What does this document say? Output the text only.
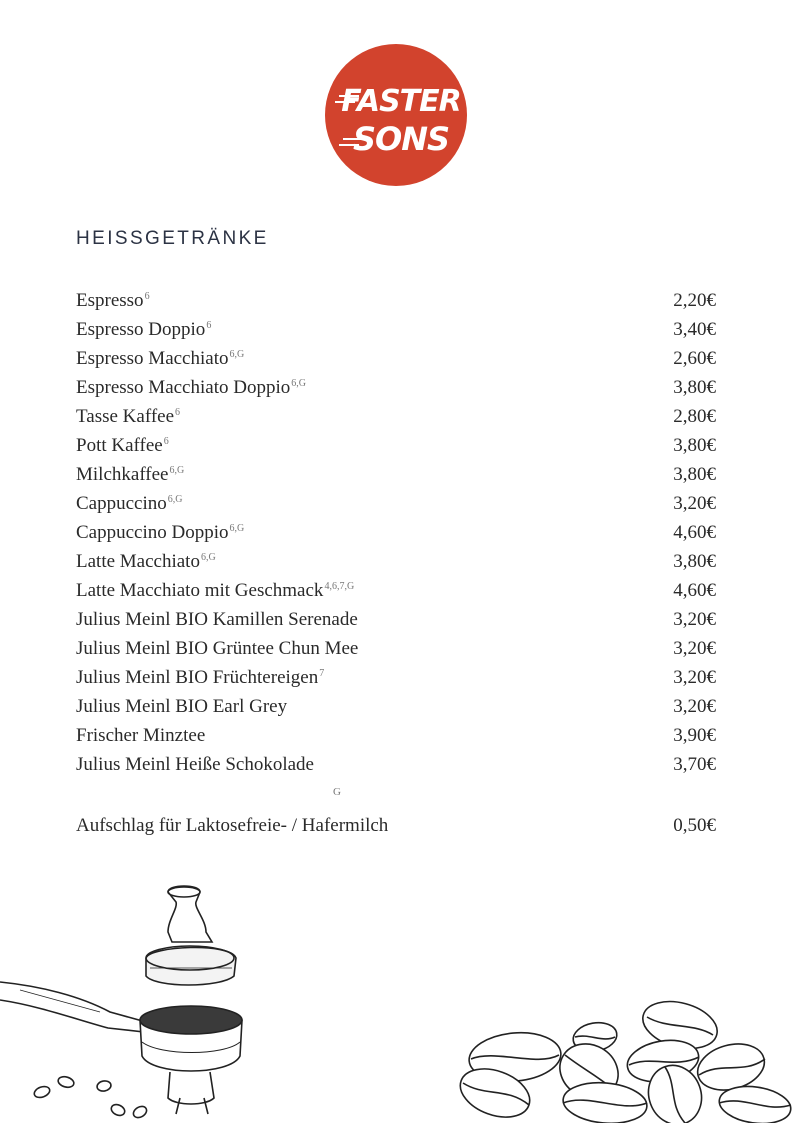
FASTER
SONS
HEISSGETRÄNKE
Espresso$^6$	2,20€
Espresso Doppio$^6$	3,40€
Espresso Macchiato$^{6,G}$	2,60€
Espresso Macchiato Doppio$^{6,G}$	3,80€
Tasse Kaffee$^6$	2,80€
Pott Kaffee$^6$	3,80€
Milchkaffee$^{6,G}$	3,80€
Cappuccino$^{6,G}$	3,20€
Cappuccino Doppio$^{6,G}$	4,60€
Latte Macchiato$^{6,G}$	3,80€
Latte Macchiato mit Geschmack$^{4,6,7,G}$	4,60€
Julius Meinl BIO Kamillen Serenade	3,20€
Julius Meinl BIO Grüntee Chun Mee	3,20€
Julius Meinl BIO Früchtereigen$^7$	3,20€
Julius Meinl BIO Earl Grey	3,20€
Frischer Minztee	3,90€
Julius Meinl Heiße Schokolade	3,70€
G
Aufschlag für Laktosefreie- / Hafermilch	0,50€
